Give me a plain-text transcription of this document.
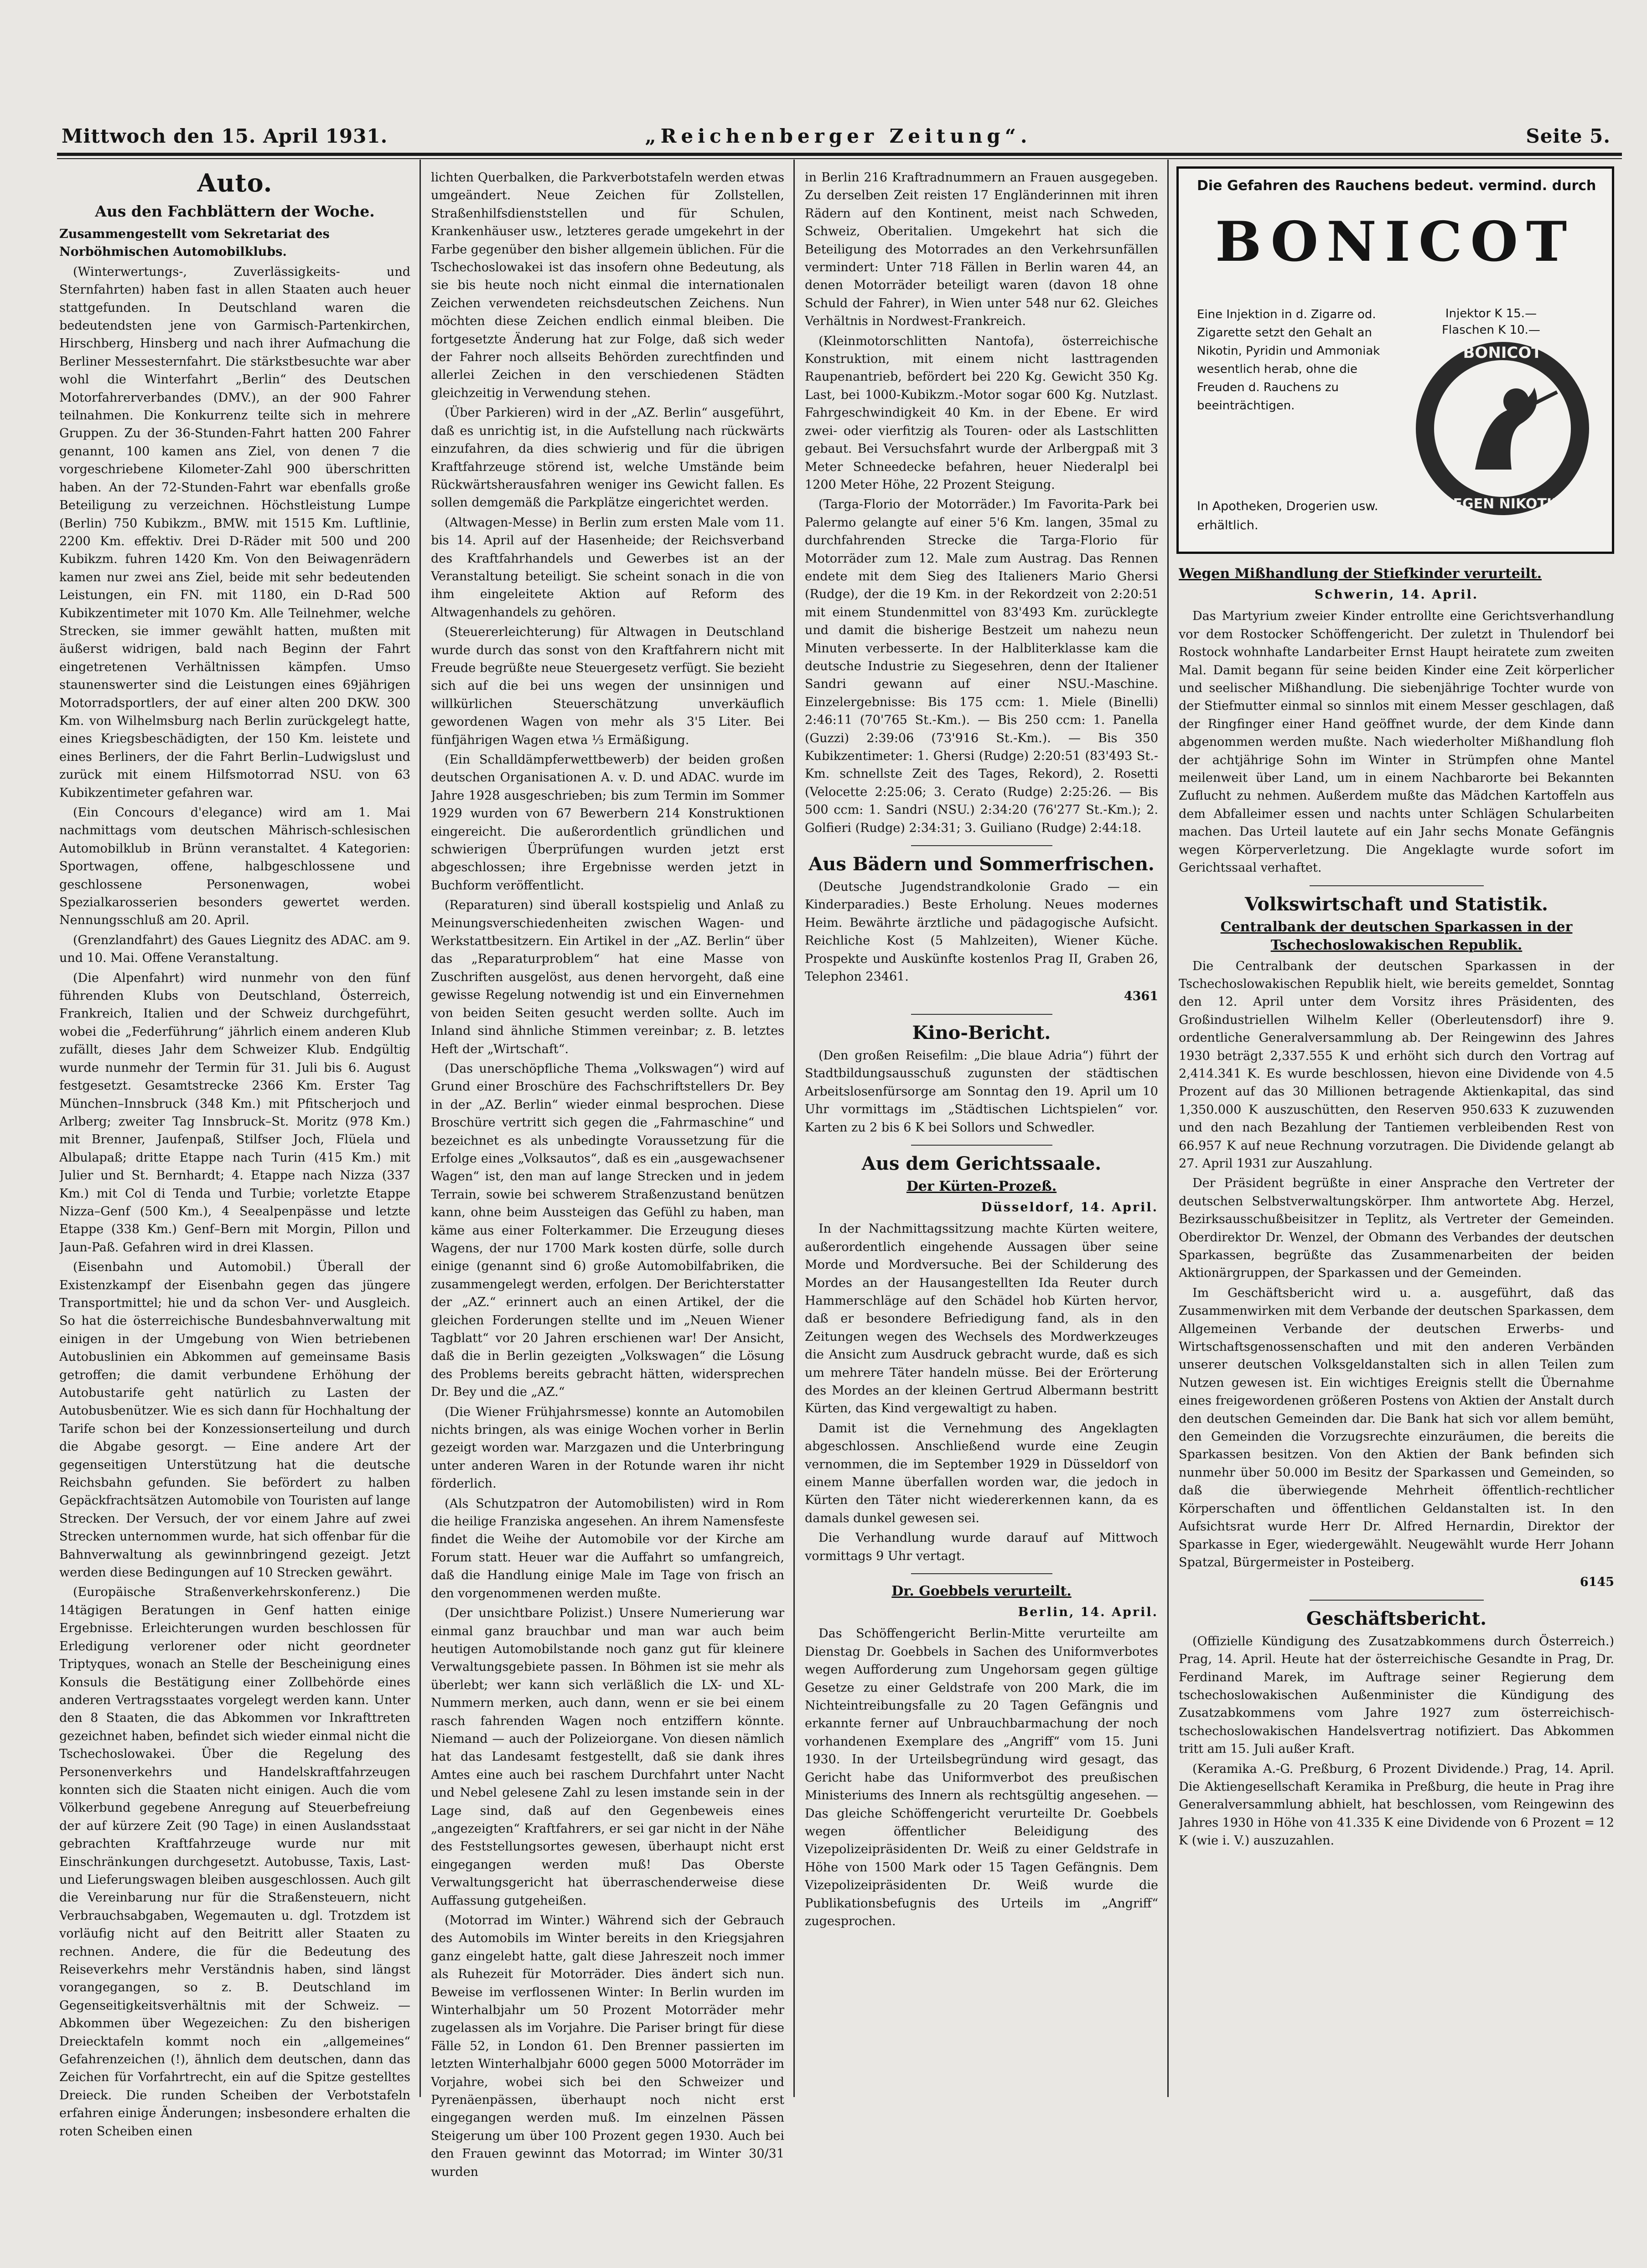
Mittwoch den 15. April 1931.	„Reichenberger Zeitung“.	Seite 5.
Auto.
Aus den Fachblättern der Woche.

Zusammengestellt vom Sekretariat des Norböhmischen Automobilklubs.

(Winterwertungs-, Zuverlässigkeits- und Sternfahrten) haben fast in allen Staaten auch heuer stattgefunden. In Deutschland waren die bedeutendsten jene von Garmisch-Partenkirchen, Hirschberg, Hinsberg und nach ihrer Aufmachung die Berliner Messesternfahrt. Die stärkstbesuchte war aber wohl die Winterfahrt „Berlin“ des Deutschen Motorfahrerverbandes (DMV.), an der 900 Fahrer teilnahmen. Die Konkurrenz teilte sich in mehrere Gruppen. Zu der 36-Stunden-Fahrt hatten 200 Fahrer genannt, 100 kamen ans Ziel, von denen 7 die vorgeschriebene Kilometer-Zahl 900 überschritten haben. An der 72-Stunden-Fahrt war ebenfalls große Beteiligung zu verzeichnen. Höchstleistung Lumpe (Berlin) 750 Kubikzm., BMW. mit 1515 Km. Luftlinie, 2200 Km. effektiv. Drei D-Räder mit 500 und 200 Kubikzm. fuhren 1420 Km. Von den Beiwagenrädern kamen nur zwei ans Ziel, beide mit sehr bedeutenden Leistungen, ein FN. mit 1180, ein D-Rad 500 Kubikzentimeter mit 1070 Km. Alle Teilnehmer, welche Strecken, sie immer gewählt hatten, mußten mit äußerst widrigen, bald nach Beginn der Fahrt eingetretenen Verhältnissen kämpfen. Umso staunenswerter sind die Leistungen eines 69jährigen Motorradsportlers, der auf einer alten 200 DKW. 300 Km. von Wilhelmsburg nach Berlin zurückgelegt hatte, eines Kriegsbeschädigten, der 150 Km. leistete und eines Berliners, der die Fahrt Berlin–Ludwigslust und zurück mit einem Hilfsmotorrad NSU. von 63 Kubikzentimeter gefahren war.

(Ein Concours d'elegance) wird am 1. Mai nachmittags vom deutschen Mährisch-schlesischen Automobilklub in Brünn veranstaltet. 4 Kategorien: Sportwagen, offene, halbgeschlossene und geschlossene Personenwagen, wobei Spezialkarosserien besonders gewertet werden. Nennungsschluß am 20. April.

(Grenzlandfahrt) des Gaues Liegnitz des ADAC. am 9. und 10. Mai. Offene Veranstaltung.

(Die Alpenfahrt) wird nunmehr von den fünf führenden Klubs von Deutschland, Österreich, Frankreich, Italien und der Schweiz durchgeführt, wobei die „Federführung“ jährlich einem anderen Klub zufällt, dieses Jahr dem Schweizer Klub. Endgültig wurde nunmehr der Termin für 31. Juli bis 6. August festgesetzt. Gesamtstrecke 2366 Km. Erster Tag München–Innsbruck (348 Km.) mit Pfitscherjoch und Arlberg; zweiter Tag Innsbruck–St. Moritz (978 Km.) mit Brenner, Jaufenpaß, Stilfser Joch, Flüela und Albulapaß; dritte Etappe nach Turin (415 Km.) mit Julier und St. Bernhardt; 4. Etappe nach Nizza (337 Km.) mit Col di Tenda und Turbie; vorletzte Etappe Nizza–Genf (500 Km.), 4 Seealpenpässe und letzte Etappe (338 Km.) Genf–Bern mit Morgin, Pillon und Jaun-Paß. Gefahren wird in drei Klassen.

(Eisenbahn und Automobil.) Überall der Existenzkampf der Eisenbahn gegen das jüngere Transportmittel; hie und da schon Ver- und Ausgleich. So hat die österreichische Bundesbahnverwaltung mit einigen in der Umgebung von Wien betriebenen Autobuslinien ein Abkommen auf gemeinsame Basis getroffen; die damit verbundene Erhöhung der Autobustarife geht natürlich zu Lasten der Autobusbenützer. Wie es sich dann für Hochhaltung der Tarife schon bei der Konzessionserteilung und durch die Abgabe gesorgt. — Eine andere Art der gegenseitigen Unterstützung hat die deutsche Reichsbahn gefunden. Sie befördert zu halben Gepäckfrachtsätzen Automobile von Touristen auf lange Strecken. Der Versuch, der vor einem Jahre auf zwei Strecken unternommen wurde, hat sich offenbar für die Bahnverwaltung als gewinnbringend gezeigt. Jetzt werden diese Bedingungen auf 10 Strecken gewährt.

(Europäische Straßenverkehrskonferenz.) Die 14tägigen Beratungen in Genf hatten einige Ergebnisse. Erleichterungen wurden beschlossen für Erledigung verlorener oder nicht geordneter Triptyques, wonach an Stelle der Bescheinigung eines Konsuls die Bestätigung einer Zollbehörde eines anderen Vertragsstaates vorgelegt werden kann. Unter den 8 Staaten, die das Abkommen vor Inkrafttreten gezeichnet haben, befindet sich wieder einmal nicht die Tschechoslowakei. Über die Regelung des Personenverkehrs und Handelskraftfahrzeugen konnten sich die Staaten nicht einigen. Auch die vom Völkerbund gegebene Anregung auf Steuerbefreiung der auf kürzere Zeit (90 Tage) in einen Auslandsstaat gebrachten Kraftfahrzeuge wurde nur mit Einschränkungen durchgesetzt. Autobusse, Taxis, Last- und Lieferungswagen bleiben ausgeschlossen. Auch gilt die Vereinbarung nur für die Straßensteuern, nicht Verbrauchsabgaben, Wegemauten u. dgl. Trotzdem ist vorläufig nicht auf den Beitritt aller Staaten zu rechnen. Andere, die für die Bedeutung des Reiseverkehrs mehr Verständnis haben, sind längst vorangegangen, so z. B. Deutschland im Gegenseitigkeitsverhältnis mit der Schweiz. — Abkommen über Wegezeichen: Zu den bisherigen Dreiecktafeln kommt noch ein „allgemeines“ Gefahrenzeichen (!), ähnlich dem deutschen, dann das Zeichen für Vorfahrtrecht, ein auf die Spitze gestelltes Dreieck. Die runden Scheiben der Verbotstafeln erfahren einige Änderungen; insbesondere erhalten die roten Scheiben einen

lichten Querbalken, die Parkverbotstafeln werden etwas umgeändert. Neue Zeichen für Zollstellen, Straßenhilfsdienststellen und für Schulen, Krankenhäuser usw., letzteres gerade umgekehrt in der Farbe gegenüber den bisher allgemein üblichen. Für die Tschechoslowakei ist das insofern ohne Bedeutung, als sie bis heute noch nicht einmal die internationalen Zeichen verwendeten reichsdeutschen Zeichens. Nun möchten diese Zeichen endlich einmal bleiben. Die fortgesetzte Änderung hat zur Folge, daß sich weder der Fahrer noch allseits Behörden zurechtfinden und allerlei Zeichen in den verschiedenen Städten gleichzeitig in Verwendung stehen.

(Über Parkieren) wird in der „AZ. Berlin“ ausgeführt, daß es unrichtig ist, in die Aufstellung nach rückwärts einzufahren, da dies schwierig und für die übrigen Kraftfahrzeuge störend ist, welche Umstände beim Rückwärtsherausfahren weniger ins Gewicht fallen. Es sollen demgemäß die Parkplätze eingerichtet werden.

(Altwagen-Messe) in Berlin zum ersten Male vom 11. bis 14. April auf der Hasenheide; der Reichsverband des Kraftfahrhandels und Gewerbes ist an der Veranstaltung beteiligt. Sie scheint sonach in die von ihm eingeleitete Aktion auf Reform des Altwagenhandels zu gehören.

(Steuererleichterung) für Altwagen in Deutschland wurde durch das sonst von den Kraftfahrern nicht mit Freude begrüßte neue Steuergesetz verfügt. Sie bezieht sich auf die bei uns wegen der unsinnigen und willkürlichen Steuerschätzung unverkäuflich gewordenen Wagen von mehr als 3'5 Liter. Bei fünfjährigen Wagen etwa ⅓ Ermäßigung.

(Ein Schalldämpferwettbewerb) der beiden großen deutschen Organisationen A. v. D. und ADAC. wurde im Jahre 1928 ausgeschrieben; bis zum Termin im Sommer 1929 wurden von 67 Bewerbern 214 Konstruktionen eingereicht. Die außerordentlich gründlichen und schwierigen Überprüfungen wurden jetzt erst abgeschlossen; ihre Ergebnisse werden jetzt in Buchform veröffentlicht.

(Reparaturen) sind überall kostspielig und Anlaß zu Meinungsverschiedenheiten zwischen Wagen- und Werkstattbesitzern. Ein Artikel in der „AZ. Berlin“ über das „Reparaturproblem“ hat eine Masse von Zuschriften ausgelöst, aus denen hervorgeht, daß eine gewisse Regelung notwendig ist und ein Einvernehmen von beiden Seiten gesucht werden sollte. Auch im Inland sind ähnliche Stimmen vereinbar; z. B. letztes Heft der „Wirtschaft“.

(Das unerschöpfliche Thema „Volkswagen“) wird auf Grund einer Broschüre des Fachschriftstellers Dr. Bey in der „AZ. Berlin“ wieder einmal besprochen. Diese Broschüre vertritt sich gegen die „Fahrmaschine“ und bezeichnet es als unbedingte Voraussetzung für die Erfolge eines „Volksautos“, daß es ein „ausgewachsener Wagen“ ist, den man auf lange Strecken und in jedem Terrain, sowie bei schwerem Straßenzustand benützen kann, ohne beim Aussteigen das Gefühl zu haben, man käme aus einer Folterkammer. Die Erzeugung dieses Wagens, der nur 1700 Mark kosten dürfe, solle durch einige (genannt sind 6) große Automobilfabriken, die zusammengelegt werden, erfolgen. Der Berichterstatter der „AZ.“ erinnert auch an einen Artikel, der die gleichen Forderungen stellte und im „Neuen Wiener Tagblatt“ vor 20 Jahren erschienen war! Der Ansicht, daß die in Berlin gezeigten „Volkswagen“ die Lösung des Problems bereits gebracht hätten, widersprechen Dr. Bey und die „AZ.“

(Die Wiener Frühjahrsmesse) konnte an Automobilen nichts bringen, als was einige Wochen vorher in Berlin gezeigt worden war. Marzgazen und die Unterbringung unter anderen Waren in der Rotunde waren ihr nicht förderlich.

(Als Schutzpatron der Automobilisten) wird in Rom die heilige Franziska angesehen. An ihrem Namensfeste findet die Weihe der Automobile vor der Kirche am Forum statt. Heuer war die Auffahrt so umfangreich, daß die Handlung einige Male im Tage von frisch an den vorgenommenen werden mußte.

(Der unsichtbare Polizist.) Unsere Numerierung war einmal ganz brauchbar und man war auch beim heutigen Automobilstande noch ganz gut für kleinere Verwaltungsgebiete passen. In Böhmen ist sie mehr als überlebt; wer kann sich verläßlich die LX- und XL-Nummern merken, auch dann, wenn er sie bei einem rasch fahrenden Wagen noch entziffern könnte. Niemand — auch der Polizeiorgane. Von diesen nämlich hat das Landesamt festgestellt, daß sie dank ihres Amtes eine auch bei raschem Durchfahrt unter Nacht und Nebel gelesene Zahl zu lesen imstande sein in der Lage sind, daß auf den Gegenbeweis eines „angezeigten“ Kraftfahrers, er sei gar nicht in der Nähe des Feststellungsortes gewesen, überhaupt nicht erst eingegangen werden muß! Das Oberste Verwaltungsgericht hat überraschenderweise diese Auffassung gutgeheißen.

(Motorrad im Winter.) Während sich der Gebrauch des Automobils im Winter bereits in den Kriegsjahren ganz eingelebt hatte, galt diese Jahreszeit noch immer als Ruhezeit für Motorräder. Dies ändert sich nun. Beweise im verflossenen Winter: In Berlin wurden im Winterhalbjahr um 50 Prozent Motorräder mehr zugelassen als im Vorjahre. Die Pariser bringt für diese Fälle 52, in London 61. Den Brenner passierten im letzten Winterhalbjahr 6000 gegen 5000 Motorräder im Vorjahre, wobei sich bei den Schweizer und Pyrenäenpässen, überhaupt noch nicht erst eingegangen werden muß. Im einzelnen Pässen Steigerung um über 100 Prozent gegen 1930. Auch bei den Frauen gewinnt das Motorrad; im Winter 30/31 wurden

in Berlin 216 Kraftradnummern an Frauen ausgegeben. Zu derselben Zeit reisten 17 Engländerinnen mit ihren Rädern auf den Kontinent, meist nach Schweden, Schweiz, Oberitalien. Umgekehrt hat sich die Beteiligung des Motorrades an den Verkehrsunfällen vermindert: Unter 718 Fällen in Berlin waren 44, an denen Motorräder beteiligt waren (davon 18 ohne Schuld der Fahrer), in Wien unter 548 nur 62. Gleiches Verhältnis in Nordwest-Frankreich.

(Kleinmotorschlitten Nantofa), österreichische Konstruktion, mit einem nicht lasttragenden Raupenantrieb, befördert bei 220 Kg. Gewicht 350 Kg. Last, bei 1000-Kubikzm.-Motor sogar 600 Kg. Nutzlast. Fahrgeschwindigkeit 40 Km. in der Ebene. Er wird zwei- oder vierfitzig als Touren- oder als Lastschlitten gebaut. Bei Versuchsfahrt wurde der Arlbergpaß mit 3 Meter Schneedecke befahren, heuer Niederalpl bei 1200 Meter Höhe, 22 Prozent Steigung.

(Targa-Florio der Motorräder.) Im Favorita-Park bei Palermo gelangte auf einer 5'6 Km. langen, 35mal zu durchfahrenden Strecke die Targa-Florio für Motorräder zum 12. Male zum Austrag. Das Rennen endete mit dem Sieg des Italieners Mario Ghersi (Rudge), der die 19 Km. in der Rekordzeit von 2:20:51 mit einem Stundenmittel von 83'493 Km. zurücklegte und damit die bisherige Bestzeit um nahezu neun Minuten verbesserte. In der Halbliterklasse kam die deutsche Industrie zu Siegesehren, denn der Italiener Sandri gewann auf einer NSU.-Maschine. Einzelergebnisse: Bis 175 ccm: 1. Miele (Binelli) 2:46:11 (70'765 St.-Km.). — Bis 250 ccm: 1. Panella (Guzzi) 2:39:06 (73'916 St.-Km.). — Bis 350 Kubikzentimeter: 1. Ghersi (Rudge) 2:20:51 (83'493 St.-Km. schnellste Zeit des Tages, Rekord), 2. Rosetti (Velocette 2:25:06; 3. Cerato (Rudge) 2:25:26. — Bis 500 ccm: 1. Sandri (NSU.) 2:34:20 (76'277 St.-Km.); 2. Golfieri (Rudge) 2:34:31; 3. Guiliano (Rudge) 2:44:18.

Aus Bädern und Sommerfrischen.

(Deutsche Jugendstrandkolonie Grado — ein Kinderparadies.) Beste Erholung. Neues modernes Heim. Bewährte ärztliche und pädagogische Aufsicht. Reichliche Kost (5 Mahlzeiten), Wiener Küche. Prospekte und Auskünfte kostenlos Prag II, Graben 26, Telephon 23461.

4361

Kino-Bericht.

(Den großen Reisefilm: „Die blaue Adria“) führt der Stadtbildungsausschuß zugunsten der städtischen Arbeitslosenfürsorge am Sonntag den 19. April um 10 Uhr vormittags im „Städtischen Lichtspielen“ vor. Karten zu 2 bis 6 K bei Sollors und Schwedler.

Aus dem Gerichtssaale.
Der Kürten-Prozeß.
Düsseldorf, 14. April.

In der Nachmittagssitzung machte Kürten weitere, außerordentlich eingehende Aussagen über seine Morde und Mordversuche. Bei der Schilderung des Mordes an der Hausangestellten Ida Reuter durch Hammerschläge auf den Schädel hob Kürten hervor, daß er besondere Befriedigung fand, als in den Zeitungen wegen des Wechsels des Mordwerkzeuges die Ansicht zum Ausdruck gebracht wurde, daß es sich um mehrere Täter handeln müsse. Bei der Erörterung des Mordes an der kleinen Gertrud Albermann bestritt Kürten, das Kind vergewaltigt zu haben.

Damit ist die Vernehmung des Angeklagten abgeschlossen. Anschließend wurde eine Zeugin vernommen, die im September 1929 in Düsseldorf von einem Manne überfallen worden war, die jedoch in Kürten den Täter nicht wiedererkennen kann, da es damals dunkel gewesen sei.

Die Verhandlung wurde darauf auf Mittwoch vormittags 9 Uhr vertagt.

Dr. Goebbels verurteilt.
Berlin, 14. April.

Das Schöffengericht Berlin-Mitte verurteilte am Dienstag Dr. Goebbels in Sachen des Uniformverbotes wegen Aufforderung zum Ungehorsam gegen gültige Gesetze zu einer Geldstrafe von 200 Mark, die im Nichteintreibungsfalle zu 20 Tagen Gefängnis und erkannte ferner auf Unbrauchbarmachung der noch vorhandenen Exemplare des „Angriff“ vom 15. Juni 1930. In der Urteilsbegründung wird gesagt, das Gericht habe das Uniformverbot des preußischen Ministeriums des Innern als rechtsgültig angesehen. — Das gleiche Schöffengericht verurteilte Dr. Goebbels wegen öffentlicher Beleidigung des Vizepolizeipräsidenten Dr. Weiß zu einer Geldstrafe in Höhe von 1500 Mark oder 15 Tagen Gefängnis. Dem Vizepolizeipräsidenten Dr. Weiß wurde die Publikationsbefugnis des Urteils im „Angriff“ zugesprochen.

Die Gefahren des Rauchens bedeut. vermind. durch
BONICOT
Eine Injektion in d. Zigarre od. Zigarette setzt den Gehalt an Nikotin, Pyridin und Ammoniak wesentlich herab, ohne die Freuden d. Rauchens zu beeinträchtigen.
Injektor K 15.— Flaschen K 10.—
BONICOT
GEGEN NIKOTIN
In Apotheken, Drogerien usw. erhältlich.
Wegen Mißhandlung der Stiefkinder verurteilt.
Schwerin, 14. April.

Das Martyrium zweier Kinder entrollte eine Gerichtsverhandlung vor dem Rostocker Schöffengericht. Der zuletzt in Thulendorf bei Rostock wohnhafte Landarbeiter Ernst Haupt heiratete zum zweiten Mal. Damit begann für seine beiden Kinder eine Zeit körperlicher und seelischer Mißhandlung. Die siebenjährige Tochter wurde von der Stiefmutter einmal so sinnlos mit einem Messer geschlagen, daß der Ringfinger einer Hand geöffnet wurde, der dem Kinde dann abgenommen werden mußte. Nach wiederholter Mißhandlung floh der achtjährige Sohn im Winter in Strümpfen ohne Mantel meilenweit über Land, um in einem Nachbarorte bei Bekannten Zuflucht zu nehmen. Außerdem mußte das Mädchen Kartoffeln aus dem Abfalleimer essen und nachts unter Schlägen Schularbeiten machen. Das Urteil lautete auf ein Jahr sechs Monate Gefängnis wegen Körperverletzung. Die Angeklagte wurde sofort im Gerichtssaal verhaftet.

Volkswirtschaft und Statistik.
Centralbank der deutschen Sparkassen in der Tschechoslowakischen Republik.

Die Centralbank der deutschen Sparkassen in der Tschechoslowakischen Republik hielt, wie bereits gemeldet, Sonntag den 12. April unter dem Vorsitz ihres Präsidenten, des Großindustriellen Wilhelm Keller (Oberleutensdorf) ihre 9. ordentliche Generalversammlung ab. Der Reingewinn des Jahres 1930 beträgt 2,337.555 K und erhöht sich durch den Vortrag auf 2,414.341 K. Es wurde beschlossen, hievon eine Dividende von 4.5 Prozent auf das 30 Millionen betragende Aktienkapital, das sind 1,350.000 K auszuschütten, den Reserven 950.633 K zuzuwenden und den nach Bezahlung der Tantiemen verbleibenden Rest von 66.957 K auf neue Rechnung vorzutragen. Die Dividende gelangt ab 27. April 1931 zur Auszahlung.

Der Präsident begrüßte in einer Ansprache den Vertreter der deutschen Selbstverwaltungskörper. Ihm antwortete Abg. Herzel, Bezirksausschußbeisitzer in Teplitz, als Vertreter der Gemeinden. Oberdirektor Dr. Wenzel, der Obmann des Verbandes der deutschen Sparkassen, begrüßte das Zusammenarbeiten der beiden Aktionärgruppen, der Sparkassen und der Gemeinden.

Im Geschäftsbericht wird u. a. ausgeführt, daß das Zusammenwirken mit dem Verbande der deutschen Sparkassen, dem Allgemeinen Verbande der deutschen Erwerbs- und Wirtschaftsgenossenschaften und mit den anderen Verbänden unserer deutschen Volksgeldanstalten sich in allen Teilen zum Nutzen gewesen ist. Ein wichtiges Ereignis stellt die Übernahme eines freigewordenen größeren Postens von Aktien der Anstalt durch den deutschen Gemeinden dar. Die Bank hat sich vor allem bemüht, den Gemeinden die Vorzugsrechte einzuräumen, die bereits die Sparkassen besitzen. Von den Aktien der Bank befinden sich nunmehr über 50.000 im Besitz der Sparkassen und Gemeinden, so daß die überwiegende Mehrheit öffentlich-rechtlicher Körperschaften und öffentlichen Geldanstalten ist. In den Aufsichtsrat wurde Herr Dr. Alfred Hernardin, Direktor der Sparkasse in Eger, wiedergewählt. Neugewählt wurde Herr Johann Spatzal, Bürgermeister in Posteiberg.

6145

Geschäftsbericht.

(Offizielle Kündigung des Zusatzabkommens durch Österreich.) Prag, 14. April. Heute hat der österreichische Gesandte in Prag, Dr. Ferdinand Marek, im Auftrage seiner Regierung dem tschechoslowakischen Außenminister die Kündigung des Zusatzabkommens vom Jahre 1927 zum österreichisch-tschechoslowakischen Handelsvertrag notifiziert. Das Abkommen tritt am 15. Juli außer Kraft.

(Keramika A.-G. Preßburg, 6 Prozent Dividende.) Prag, 14. April. Die Aktiengesellschaft Keramika in Preßburg, die heute in Prag ihre Generalversammlung abhielt, hat beschlossen, vom Reingewinn des Jahres 1930 in Höhe von 41.335 K eine Dividende von 6 Prozent = 12 K (wie i. V.) auszuzahlen.
